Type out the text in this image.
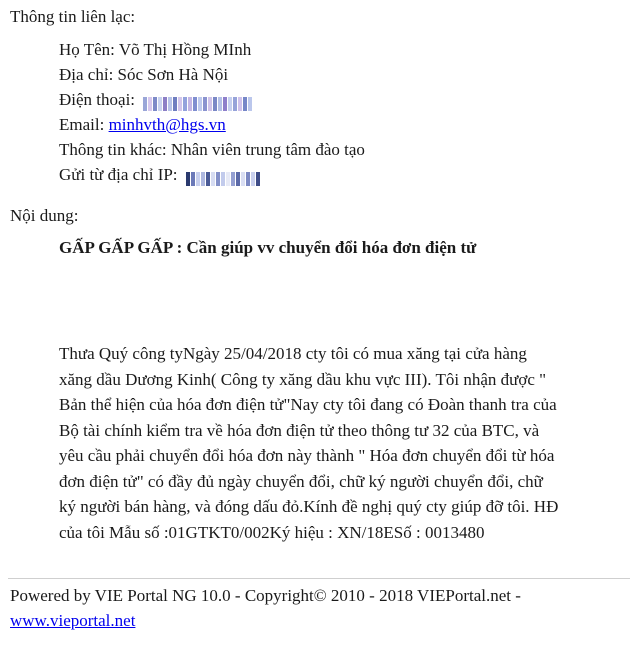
Thông tin liên lạc:
Họ Tên: Võ Thị Hồng MInh
Địa chỉ: Sóc Sơn Hà Nội
Điện thoại:
Email: minhvth@hgs.vn
Thông tin khác: Nhân viên trung tâm đào tạo
Gửi từ địa chỉ IP:
Nội dung:
GẤP GẤP GẤP : Cần giúp vv chuyển đổi hóa đơn điện tử
Thưa Quý công tyNgày 25/04/2018 cty tôi có mua xăng tại cửa hàng xăng dầu Dương Kinh( Công ty xăng dầu khu vực III). Tôi nhận được " Bản thể hiện của hóa đơn điện tử"Nay cty tôi đang có Đoàn thanh tra của Bộ tài chính kiểm tra về hóa đơn điện tử theo thông tư 32 của BTC, và yêu cầu phải chuyển đổi hóa đơn này thành " Hóa đơn chuyển đổi từ hóa đơn điện tử" có đầy đủ ngày chuyển đổi, chữ ký người chuyển đổi, chữ ký người bán hàng, và đóng dấu đỏ.Kính đề nghị quý cty giúp đỡ tôi. HĐ của tôi Mẫu số :01GTKT0/002Ký hiệu : XN/18ESố : 0013480
Powered by VIE Portal NG 10.0 - Copyright© 2010 - 2018 VIEPortal.net -
www.vieportal.net
